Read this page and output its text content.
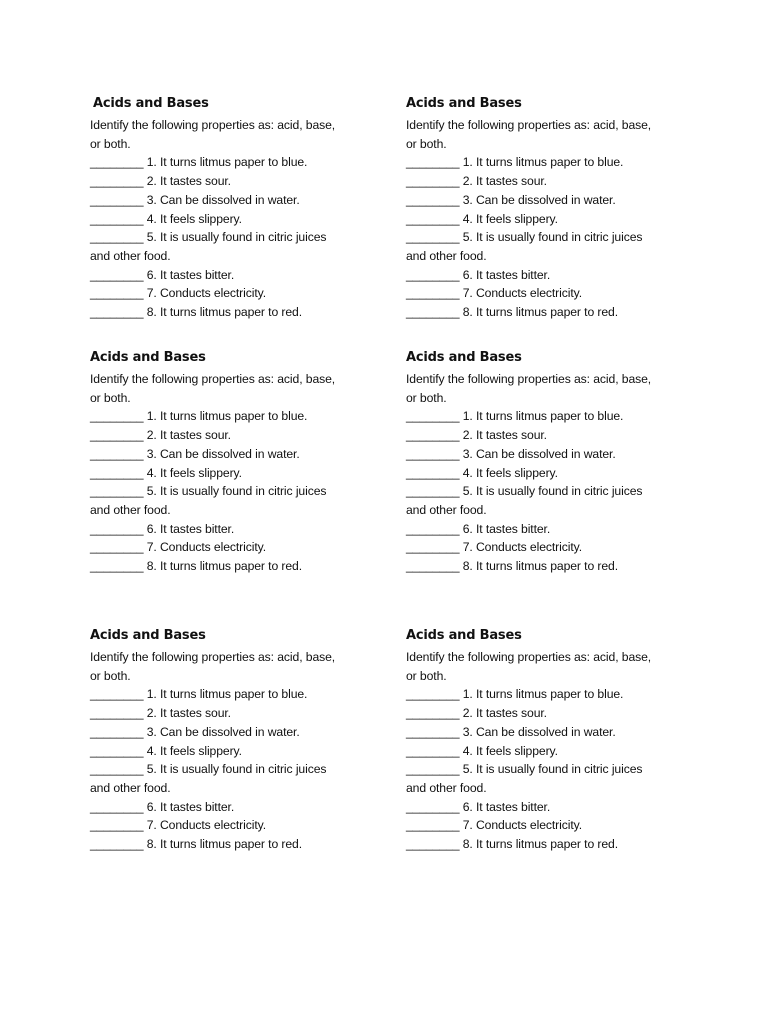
Acids and Bases
Identify the following properties as: acid, base,
or both.
________ 1. It turns litmus paper to blue.
________ 2. It tastes sour.
________ 3. Can be dissolved in water.
________ 4. It feels slippery.
________ 5. It is usually found in citric juices
and other food.
________ 6. It tastes bitter.
________ 7. Conducts electricity.
________ 8. It turns litmus paper to red.
Acids and Bases
Identify the following properties as: acid, base,
or both.
________ 1. It turns litmus paper to blue.
________ 2. It tastes sour.
________ 3. Can be dissolved in water.
________ 4. It feels slippery.
________ 5. It is usually found in citric juices
and other food.
________ 6. It tastes bitter.
________ 7. Conducts electricity.
________ 8. It turns litmus paper to red.
Acids and Bases
Identify the following properties as: acid, base,
or both.
________ 1. It turns litmus paper to blue.
________ 2. It tastes sour.
________ 3. Can be dissolved in water.
________ 4. It feels slippery.
________ 5. It is usually found in citric juices
and other food.
________ 6. It tastes bitter.
________ 7. Conducts electricity.
________ 8. It turns litmus paper to red.
Acids and Bases
Identify the following properties as: acid, base,
or both.
________ 1. It turns litmus paper to blue.
________ 2. It tastes sour.
________ 3. Can be dissolved in water.
________ 4. It feels slippery.
________ 5. It is usually found in citric juices
and other food.
________ 6. It tastes bitter.
________ 7. Conducts electricity.
________ 8. It turns litmus paper to red.
Acids and Bases
Identify the following properties as: acid, base,
or both.
________ 1. It turns litmus paper to blue.
________ 2. It tastes sour.
________ 3. Can be dissolved in water.
________ 4. It feels slippery.
________ 5. It is usually found in citric juices
and other food.
________ 6. It tastes bitter.
________ 7. Conducts electricity.
________ 8. It turns litmus paper to red.
Acids and Bases
Identify the following properties as: acid, base,
or both.
________ 1. It turns litmus paper to blue.
________ 2. It tastes sour.
________ 3. Can be dissolved in water.
________ 4. It feels slippery.
________ 5. It is usually found in citric juices
and other food.
________ 6. It tastes bitter.
________ 7. Conducts electricity.
________ 8. It turns litmus paper to red.
